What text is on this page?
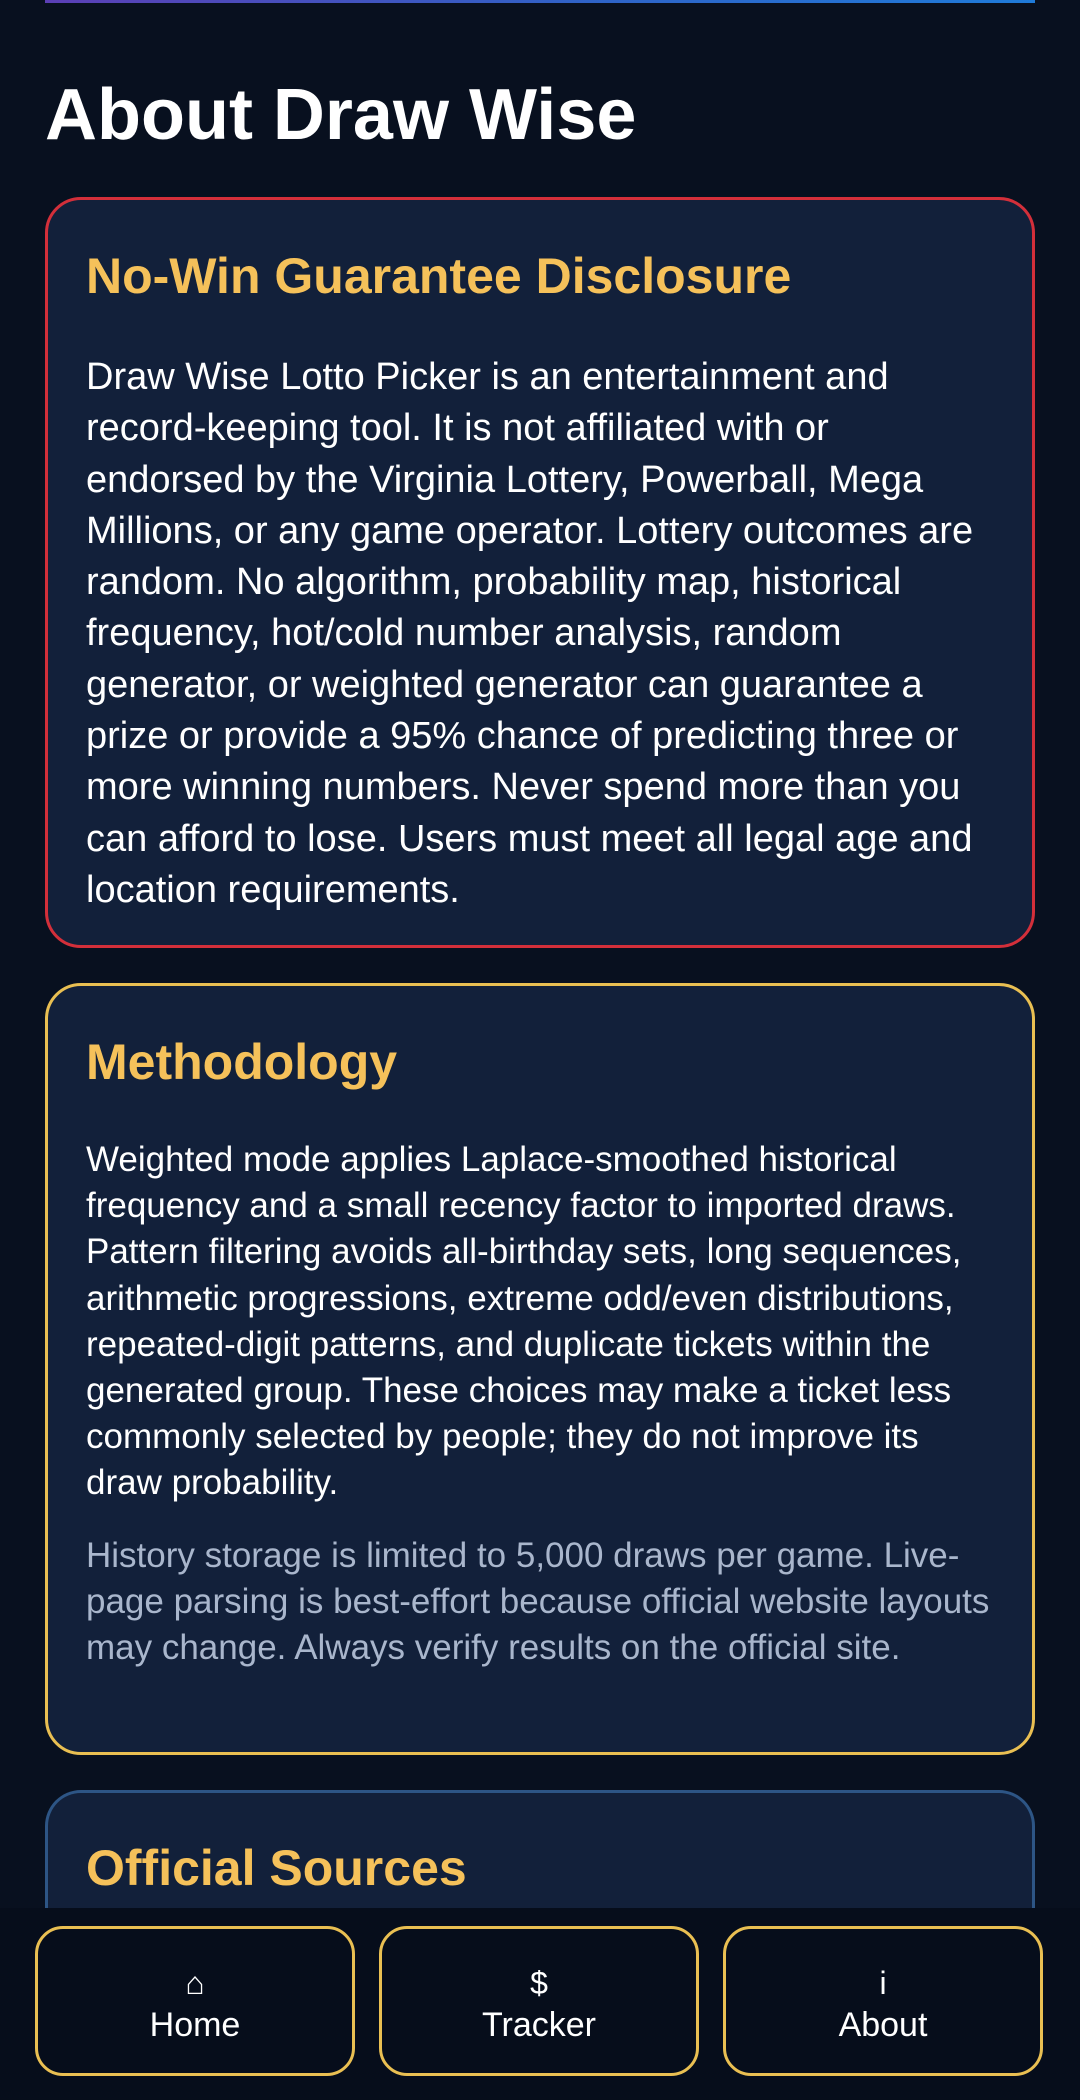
About Draw Wise
No-Win Guarantee Disclosure

Draw Wise Lotto Picker is an entertainment and record-keeping tool. It is not affiliated with or endorsed by the Virginia Lottery, Powerball, Mega Millions, or any game operator. Lottery outcomes are random. No algorithm, probability map, historical frequency, hot/cold number analysis, random generator, or weighted generator can guarantee a prize or provide a 95% chance of predicting three or more winning numbers. Never spend more than you can afford to lose. Users must meet all legal age and location requirements.

Methodology

Weighted mode applies Laplace-smoothed historical frequency and a small recency factor to imported draws. Pattern filtering avoids all-birthday sets, long sequences, arithmetic progressions, extreme odd/even distributions, repeated-digit patterns, and duplicate tickets within the generated group. These choices may make a ticket less commonly selected by people; they do not improve its draw probability.

History storage is limited to 5,000 draws per game. Live-page parsing is best-effort because official website layouts may change. Always verify results on the official site.

Official Sources
⌂
Home
$
Tracker
i
About
